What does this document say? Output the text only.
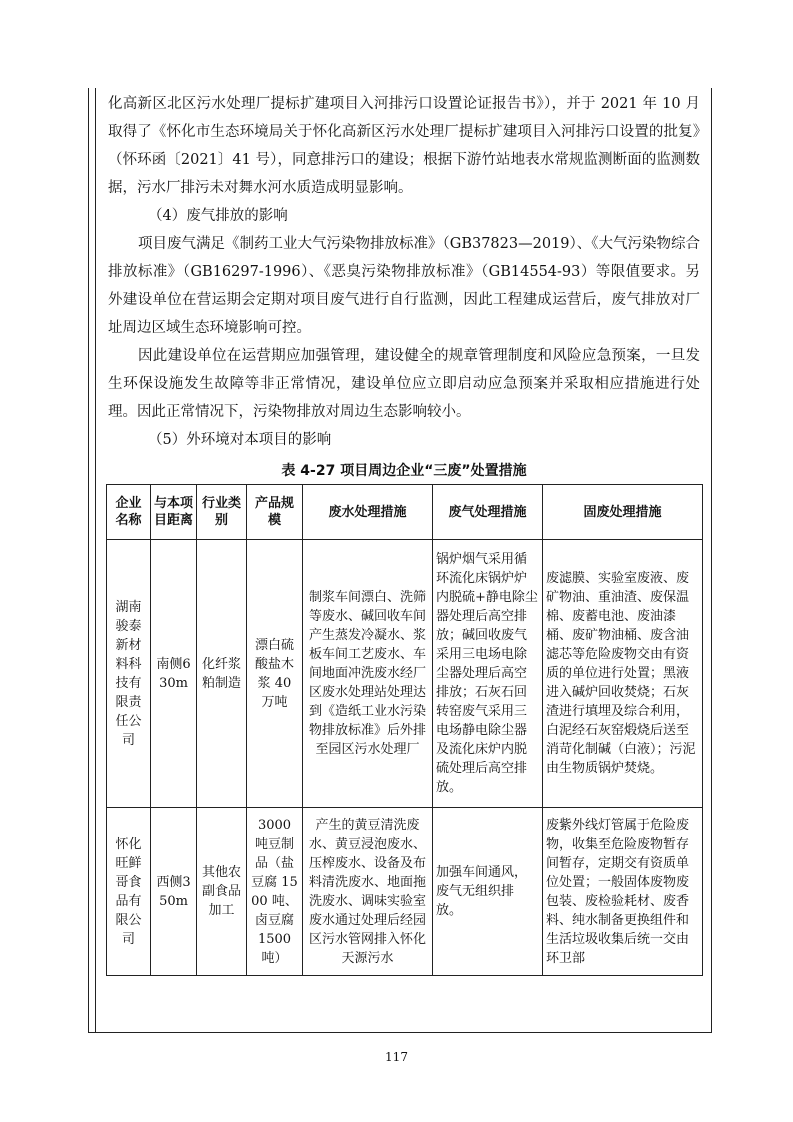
化高新区北区污水处理厂提标扩建项目入河排污口设置论证报告书》），并于 2021 年 10 月取得了《怀化市生态环境局关于怀化高新区污水处理厂提标扩建项目入河排污口设置的批复》（怀环函〔2021〕41 号），同意排污口的建设；根据下游竹站地表水常规监测断面的监测数据，污水厂排污未对舞水河水质造成明显影响。

（4）废气排放的影响

项目废气满足《制药工业大气污染物排放标准》（GB37823—2019）、《大气污染物综合排放标准》（GB16297-1996）、《恶臭污染物排放标准》（GB14554-93）等限值要求。另外建设单位在营运期会定期对项目废气进行自行监测，因此工程建成运营后，废气排放对厂址周边区域生态环境影响可控。

因此建设单位在运营期应加强管理，建设健全的规章管理制度和风险应急预案，一旦发生环保设施发生故障等非正常情况，建设单位应立即启动应急预案并采取相应措施进行处理。因此正常情况下，污染物排放对周边生态影响较小。

（5）外环境对本项目的影响

表 4-27 项目周边企业“三废”处置措施
企业名称	与本项目距离	行业类别	产品规模	废水处理措施	废气处理措施	固废处理措施
湖南骏泰新材料科技有限责任公司	南侧630m	化纤浆粕制造	漂白硫酸盐木浆 40 万吨	制浆车间漂白、洗筛等废水、碱回收车间产生蒸发冷凝水、浆板车间工艺废水、车间地面冲洗废水经厂区废水处理站处理达到《造纸工业水污染物排放标准》后外排至园区污水处理厂	锅炉烟气采用循环流化床锅炉炉内脱硫+静电除尘器处理后高空排放；碱回收废气采用三电场电除尘器处理后高空排放；石灰石回转窑废气采用三电场静电除尘器及流化床炉内脱硫处理后高空排放。	废滤膜、实验室废液、废矿物油、重油渣、废保温棉、废蓄电池、废油漆桶、废矿物油桶、废含油滤芯等危险废物交由有资质的单位进行处置；黑液进入碱炉回收焚烧；石灰渣进行填埋及综合利用，白泥经石灰窑煅烧后送至消苛化制碱（白液）；污泥由生物质锅炉焚烧。
怀化旺鲜哥食品有限公司	西侧350m	其他农副食品加工	3000 吨豆制品（盐豆腐 1500 吨、卤豆腐 1500 吨）	产生的黄豆清洗废水、黄豆浸泡废水、压榨废水、设备及布料清洗废水、地面拖洗废水、调味实验室废水通过处理后经园区污水管网排入怀化天源污水	加强车间通风，废气无组织排放。	废紫外线灯管属于危险废物，收集至危险废物暂存间暂存，定期交有资质单位处置；一般固体废物废包装、废检验耗材、废香料、纯水制备更换组件和生活垃圾收集后统一交由环卫部
117
